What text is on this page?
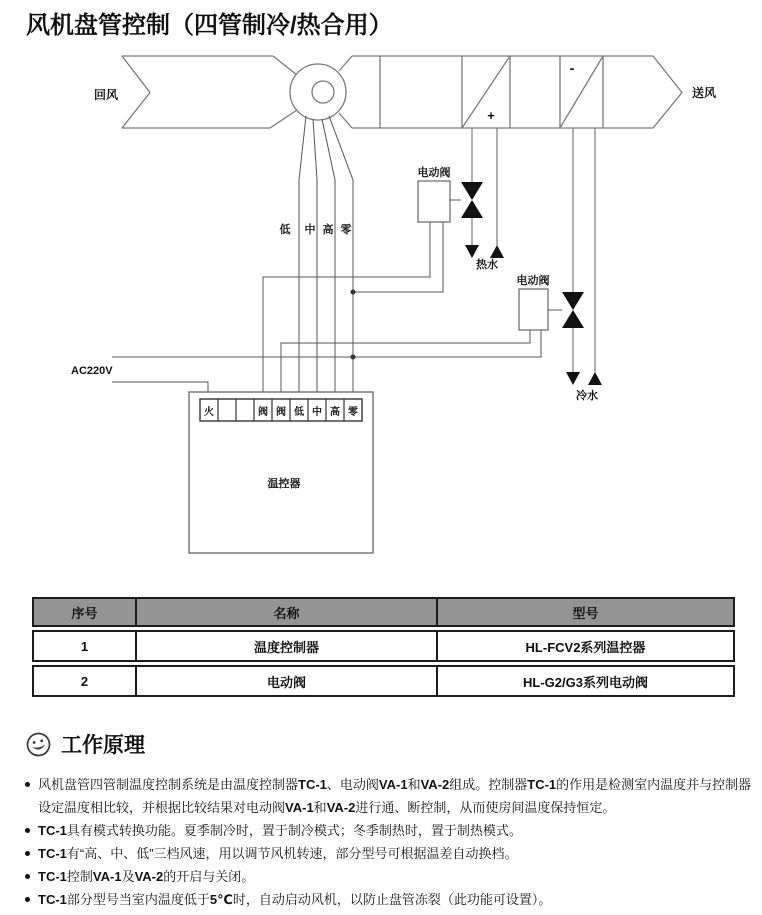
风机盘管控制（四管制冷/热合用）
火	阀 阀 低 中 高 零
温控器
回风	送风
+
-
电动阀
电动阀
热水
冷水
AC220V
低 中 高 零
序号	名称	型号
1	温度控制器	HL-FCV2系列温控器
2	电动阀	HL-G2/G3系列电动阀
工作原理
风机盘管四管制温度控制系统是由温度控制器TC-1、电动阀VA-1和VA-2组成。控制器TC-1的作用是检测室内温度并与控制器设定温度相比较，并根据比较结果对电动阀VA-1和VA-2进行通、断控制，从而使房间温度保持恒定。
TC-1具有模式转换功能。夏季制冷时，置于制冷模式；冬季制热时，置于制热模式。
TC-1有“高、中、低”三档风速，用以调节风机转速，部分型号可根据温差自动换档。
TC-1控制VA-1及VA-2的开启与关闭。
TC-1部分型号当室内温度低于5℃时，自动启动风机，以防止盘管冻裂（此功能可设置）。
